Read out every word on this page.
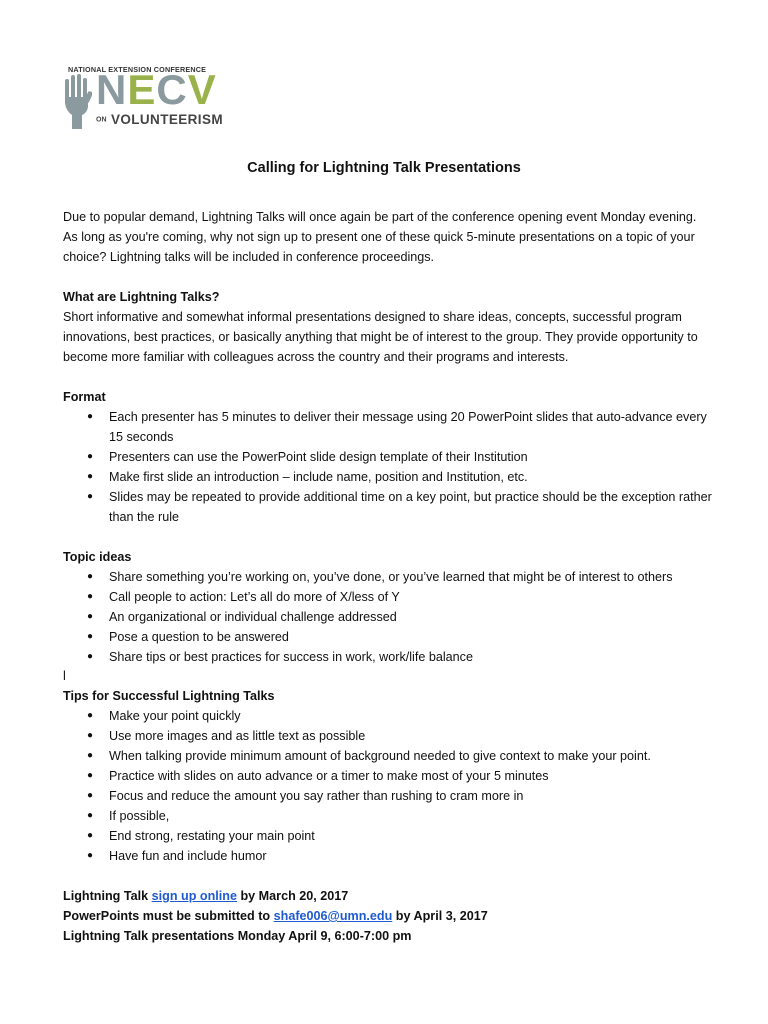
NATIONAL EXTENSION CONFERENCE
NECV
ON VOLUNTEERISM
Calling for Lightning Talk Presentations
Due to popular demand, Lightning Talks will once again be part of the conference opening event Monday evening. As long as you're coming, why not sign up to present one of these quick 5-minute presentations on a topic of your choice? Lightning talks will be included in conference proceedings.
What are Lightning Talks?
Short informative and somewhat informal presentations designed to share ideas, concepts, successful program innovations, best practices, or basically anything that might be of interest to the group. They provide opportunity to become more familiar with colleagues across the country and their programs and interests.
Format
● Each presenter has 5 minutes to deliver their message using 20 PowerPoint slides that auto-advance every 15 seconds
● Presenters can use the PowerPoint slide design template of their Institution
● Make first slide an introduction – include name, position and Institution, etc.
● Slides may be repeated to provide additional time on a key point, but practice should be the exception rather than the rule
Topic ideas
● Share something you’re working on, you’ve done, or you’ve learned that might be of interest to others
● Call people to action: Let’s all do more of X/less of Y
● An organizational or individual challenge addressed
● Pose a question to be answered
● Share tips or best practices for success in work, work/life balance
l
Tips for Successful Lightning Talks
● Make your point quickly
● Use more images and as little text as possible
● When talking provide minimum amount of background needed to give context to make your point.
● Practice with slides on auto advance or a timer to make most of your 5 minutes
● Focus and reduce the amount you say rather than rushing to cram more in
● If possible,
● End strong, restating your main point
● Have fun and include humor
Lightning Talk sign up online by March 20, 2017
PowerPoints must be submitted to shafe006@umn.edu by April 3, 2017
Lightning Talk presentations Monday April 9, 6:00-7:00 pm
